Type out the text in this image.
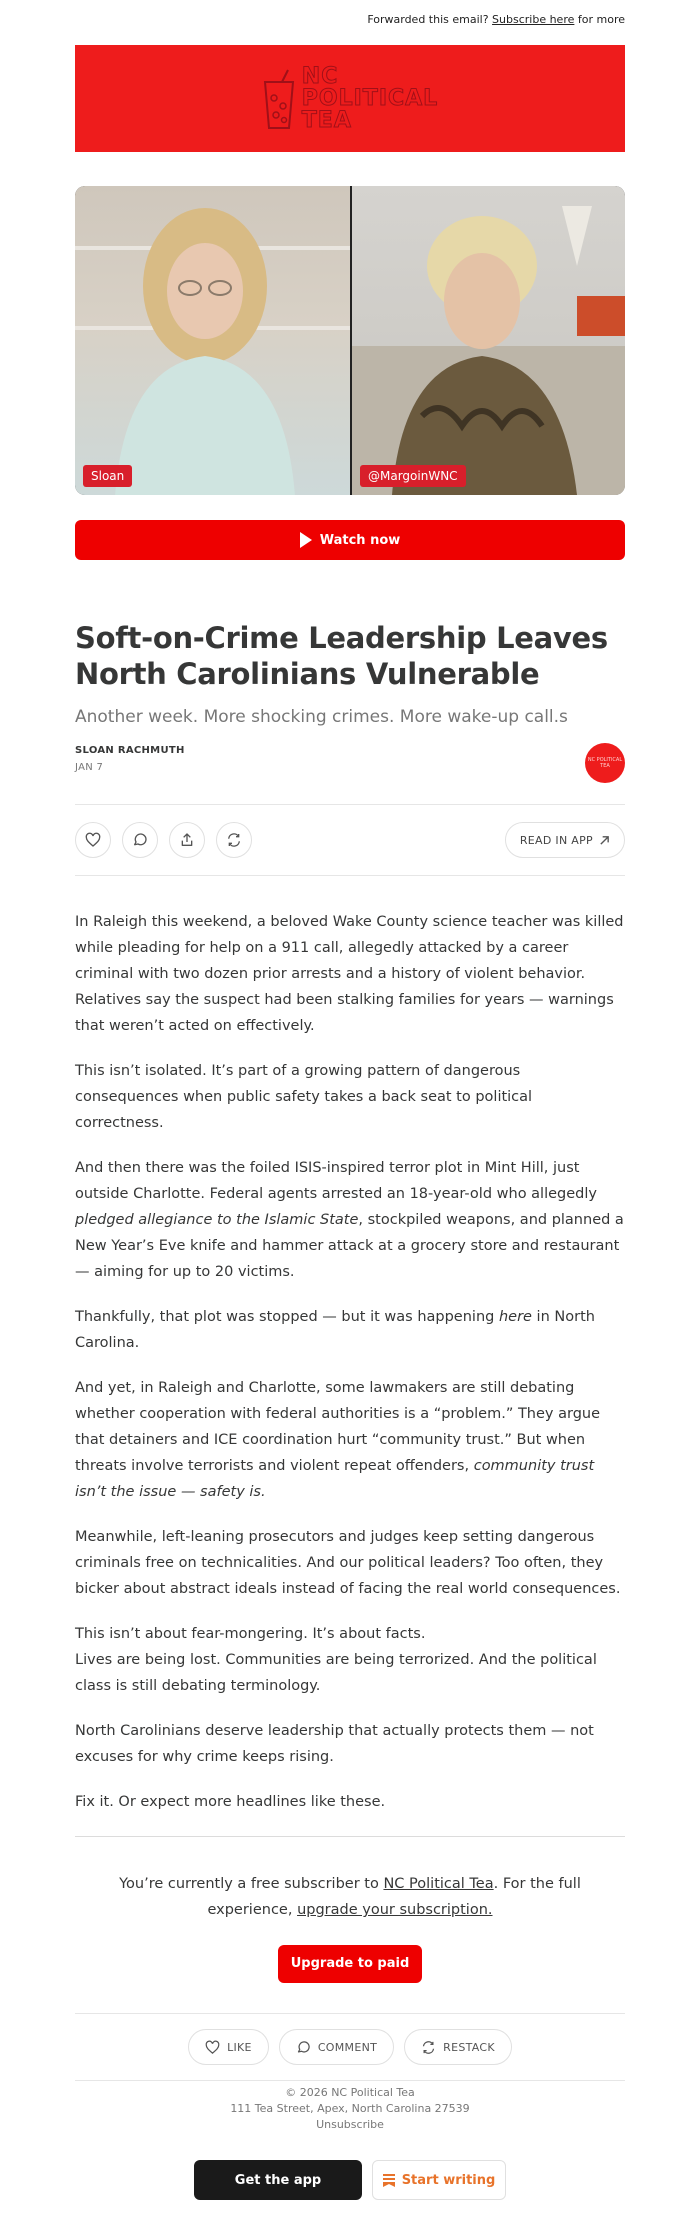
Forwarded this email? Subscribe here for more
NC
POLITICAL
TEA
Sloan	@MargoinWNC
Watch now
Soft-on-Crime Leadership Leaves North Carolinians Vulnerable
Another week. More shocking crimes. More wake-up call.s
SLOAN RACHMUTH
JAN 7
NC POLITICAL TEA
READ IN APP

In Raleigh this weekend, a beloved Wake County science teacher was killed while pleading for help on a 911 call, allegedly attacked by a career criminal with two dozen prior arrests and a history of violent behavior. Relatives say the suspect had been stalking families for years — warnings that weren’t acted on effectively.

This isn’t isolated. It’s part of a growing pattern of dangerous consequences when public safety takes a back seat to political correctness.

And then there was the foiled ISIS-inspired terror plot in Mint Hill, just outside Charlotte. Federal agents arrested an 18-year-old who allegedly pledged allegiance to the Islamic State, stockpiled weapons, and planned a New Year’s Eve knife and hammer attack at a grocery store and restaurant — aiming for up to 20 victims.

Thankfully, that plot was stopped — but it was happening here in North Carolina.

And yet, in Raleigh and Charlotte, some lawmakers are still debating whether cooperation with federal authorities is a “problem.” They argue that detainers and ICE coordination hurt “community trust.” But when threats involve terrorists and violent repeat offenders, community trust isn’t the issue — safety is.

Meanwhile, left-leaning prosecutors and judges keep setting dangerous criminals free on technicalities. And our political leaders? Too often, they bicker about abstract ideals instead of facing the real world consequences.

This isn’t about fear-mongering. It’s about facts.
Lives are being lost. Communities are being terrorized. And the political class is still debating terminology.

North Carolinians deserve leadership that actually protects them — not excuses for why crime keeps rising.

Fix it. Or expect more headlines like these.

You’re currently a free subscriber to NC Political Tea. For the full experience, upgrade your subscription.
Upgrade to paid
LIKE	COMMENT	RESTACK
© 2026 NC Political Tea
111 Tea Street, Apex, North Carolina 27539
Unsubscribe
Get the app	Start writing
